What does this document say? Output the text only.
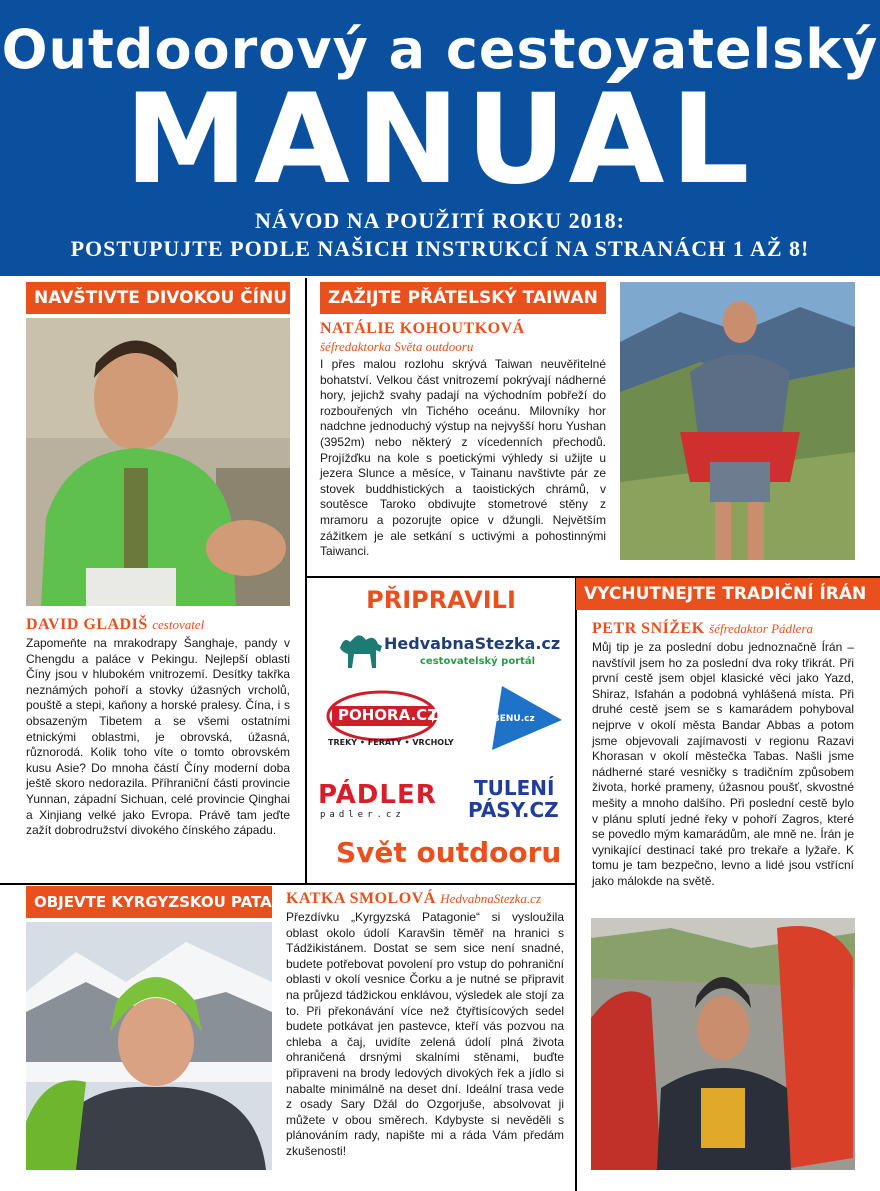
Outdoorový a cestovatelský
MANUÁL
NÁVOD NA POUŽITÍ ROKU 2018:
POSTUPUJTE PODLE NAŠICH INSTRUKCÍ NA STRANÁCH 1 AŽ 8!
NAVŠTIVTE DIVOKOU ČÍNU
DAVID GLADIŠ cestovatel
Zapomeňte na mrakodrapy Šanghaje, pandy v Chengdu a paláce v Pekingu. Nejlepší oblasti Číny jsou v hlubokém vnitrozemí. Desítky takřka neznámých pohoří a stovky úžasných vrcholů, pouště a stepi, kaňony a horské pralesy. Čína, i s obsazeným Tibetem a se všemi ostatními etnickými oblastmi, je obrovská, úžasná, různorodá. Kolik toho víte o tomto obrovském kusu Asie? Do mnoha částí Číny moderní doba ještě skoro nedorazila. Příhraniční části provincie Yunnan, západní Sichuan, celé provincie Qinghai a Xinjiang velké jako Evropa. Právě tam jeďte zažít dobrodružství divokého čínského západu.
ZAŽIJTE PŘÁTELSKÝ TAIWAN
NATÁLIE KOHOUTKOVÁ
šéfredaktorka Světa outdooru
I přes malou rozlohu skrývá Taiwan neuvěřitelné bohatství. Velkou část vnitrozemí pokrývají nádherné hory, jejichž svahy padají na východním pobřeží do rozbouřených vln Tichého oceánu. Milovníky hor nadchne jednoduchý výstup na nejvyšší horu Yushan (3952m) nebo některý z vícedenních přechodů. Projížďku na kole s poetickými výhledy si užijte u jezera Slunce a měsíce, v Tainanu navštivte pár ze stovek buddhistických a taoistických chrámů, v soutěsce Taroko obdivujte stometrové stěny z mramoru a pozorujte opice v džungli. Největším zážitkem je ale setkání s uctivými a pohostinnými Taiwanci.
PŘIPRAVILI
HedvabnaStezka.cz
cestovatelský portál
POHORA.CZ
TREKY • FERATY • VRCHOLY
SVĚT BENU.cz
PÁDLER
padler.cz
TULENÍ
PÁSY.CZ
Svět outdooru
VYCHUTNEJTE TRADIČNÍ ÍRÁN
PETR SNÍŽEK šéfredaktor Pádlera
Můj tip je za poslední dobu jednoznačně Írán – navštívil jsem ho za poslední dva roky třikrát. Při první cestě jsem objel klasické věci jako Yazd, Shiraz, Isfahán a podobná vyhlášená místa. Při druhé cestě jsem se s kamarádem pohyboval nejprve v okolí města Bandar Abbas a potom jsme objevovali zajímavosti v regionu Razavi Khorasan v okolí městečka Tabas. Našli jsme nádherné staré vesničky s tradičním způsobem života, horké prameny, úžasnou poušť, skvostné mešity a mnoho dalšího. Při poslední cestě bylo v plánu splutí jedné řeky v pohoří Zagros, které se povedlo mým kamarádům, ale mně ne. Írán je vynikající destinací také pro trekaře a lyžaře. K tomu je tam bezpečno, levno a lidé jsou vstřícní jako málokde na světě.
OBJEVTE KYRGYZSKOU PATAGONII
KATKA SMOLOVÁ HedvabnaStezka.cz
Přezdívku „Kyrgyzská Patagonie“ si vysloužila oblast okolo údolí Karavšin těměř na hranici s Tádžikistánem. Dostat se sem sice není snadné, budete potřebovat povolení pro vstup do pohraniční oblasti v okolí vesnice Čorku a je nutné se připravit na průjezd tádžickou enklávou, výsledek ale stojí za to. Při překonávání více než čtyřtisícových sedel budete potkávat jen pastevce, kteří vás pozvou na chleba a čaj, uvidíte zelená údolí plná života ohraničená drsnými skalními stěnami, buďte připraveni na brody ledových divokých řek a jídlo si nabalte minimálně na deset dní. Ideální trasa vede z osady Sary Džál do Ozgorjuše, absolvovat ji můžete v obou směrech. Kdybyste si nevěděli s plánováním rady, napište mi a ráda Vám předám zkušenosti!
